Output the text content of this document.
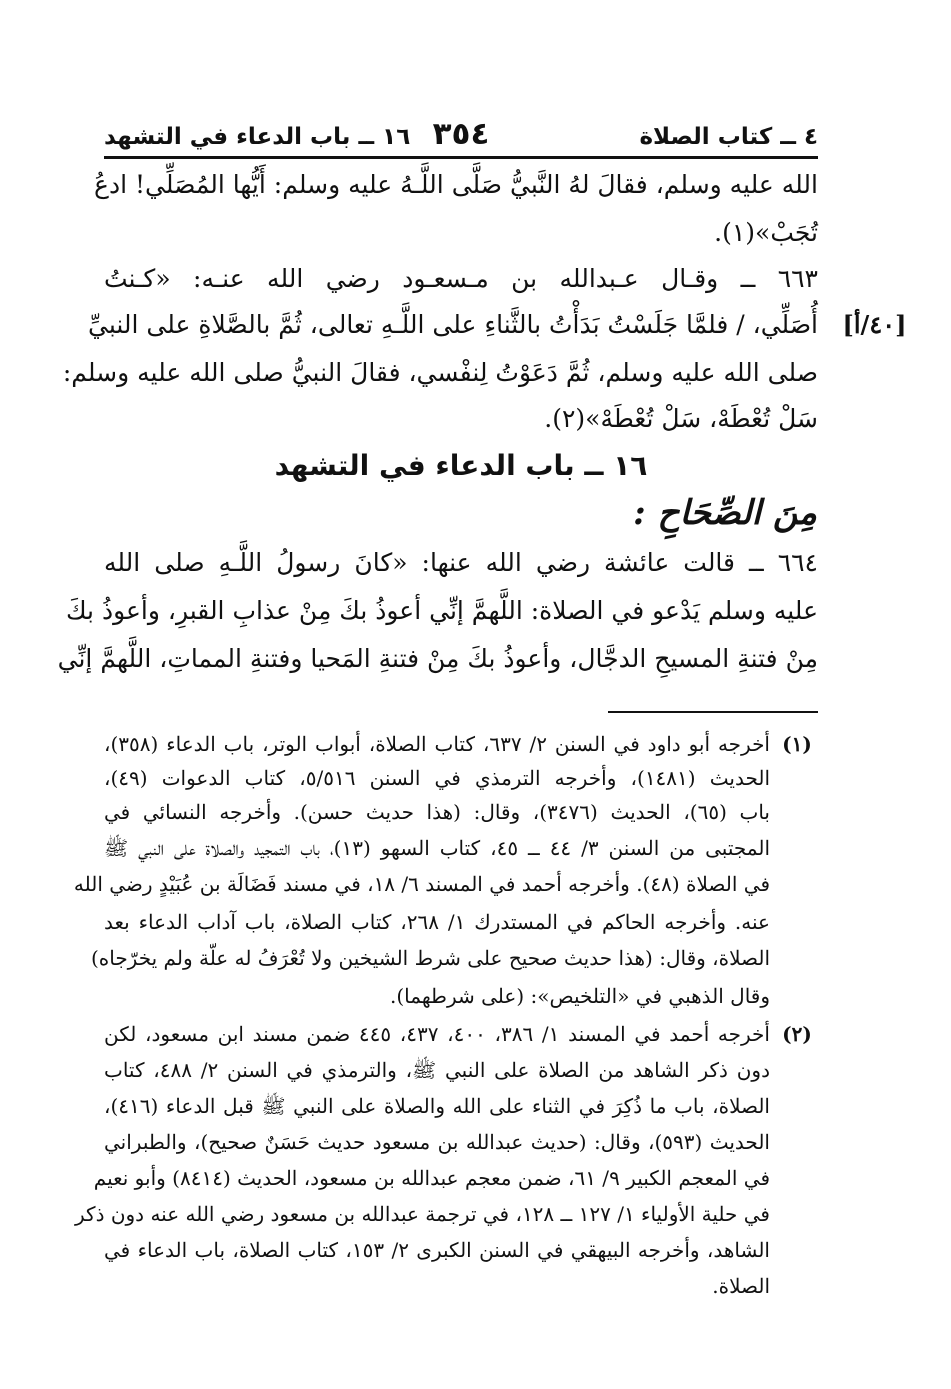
٤ ــ كتاب الصلاة
٣٥٤
١٦ ــ باب الدعاء في التشهد
الله عليه وسلم، فقالَ لهُ النَّبيُّ صَلَّى اللَّـهُ عليه وسلم: أَيُّها المُصَلِّي! ادعُ
تُجَبْ»(١).
٦٦٣ ــ وقـال عـبدالله بن مـسعـود رضي الله عنـه: «كـنتُ
أُصَلِّي، / فلمَّا جَلَسْتُ بَدَأْتُ بالثَّناءِ على اللَّـهِ تعالى، ثُمَّ بالصَّلاةِ على النبيِّ
صلى الله عليه وسلم، ثُمَّ دَعَوْتُ لِنفْسي، فقالَ النبيُّ صلى الله عليه وسلم:
سَلْ تُعْطَهْ، سَلْ تُعْطَهْ»(٢).
[٤٠/أ]
١٦ ــ باب الدعاء في التشهد
مِنَ الصِّحَاحِ :
٦٦٤ ــ قالت عائشة رضي الله عنها: «كانَ رسولُ اللَّـهِ صلى الله
عليه وسلم يَدْعو في الصلاة: اللَّهمَّ إنِّي أعوذُ بكَ مِنْ عذابِ القبرِ، وأعوذُ بكَ
مِنْ فتنةِ المسيحِ الدجَّال، وأعوذُ بكَ مِنْ فتنةِ المَحيا وفتنةِ المماتِ، اللَّهمَّ إنِّي
(١)
أخرجه أبو داود في السنن ٢/ ٦٣٧، كتاب الصلاة، أبواب الوتر، باب الدعاء (٣٥٨)،
الحديث (١٤٨١)، وأخرجه الترمذي في السنن ٥/٥١٦، كتاب الدعوات (٤٩)،
باب (٦٥)، الحديث (٣٤٧٦)، وقال: (هذا حديث حسن). وأخرجه النسائي في
المجتبى من السنن ٣/ ٤٤ ــ ٤٥، كتاب السهو (١٣)، باب التمجيد والصلاة على النبي ﷺ
في الصلاة (٤٨). وأخرجه أحمد في المسند ٦/ ١٨، في مسند فَضَالَة بن عُبَيْدٍ رضي الله
عنه. وأخرجه الحاكم في المستدرك ١/ ٢٦٨، كتاب الصلاة، باب آداب الدعاء بعد
الصلاة، وقال: (هذا حديث صحيح على شرط الشيخين ولا تُعْرَفُ له علّة ولم يخرّجاه)
وقال الذهبي في «التلخيص»: (على شرطهما).
(٢)
أخرجه أحمد في المسند ١/ ٣٨٦، ٤٠٠، ٤٣٧، ٤٤٥ ضمن مسند ابن مسعود، لكن
دون ذكر الشاهد من الصلاة على النبي ﷺ، والترمذي في السنن ٢/ ٤٨٨، كتاب
الصلاة، باب ما ذُكِرَ في الثناء على الله والصلاة على النبي ﷺ قبل الدعاء (٤١٦)،
الحديث (٥٩٣)، وقال: (حديث عبدالله بن مسعود حديث حَسَنٌ صحيح)، والطبراني
في المعجم الكبير ٩/ ٦١، ضمن معجم عبدالله بن مسعود، الحديث (٨٤١٤) وأبو نعيم
في حلية الأولياء ١/ ١٢٧ ــ ١٢٨، في ترجمة عبدالله بن مسعود رضي الله عنه دون ذكر
الشاهد، وأخرجه البيهقي في السنن الكبرى ٢/ ١٥٣، كتاب الصلاة، باب الدعاء في
الصلاة.
